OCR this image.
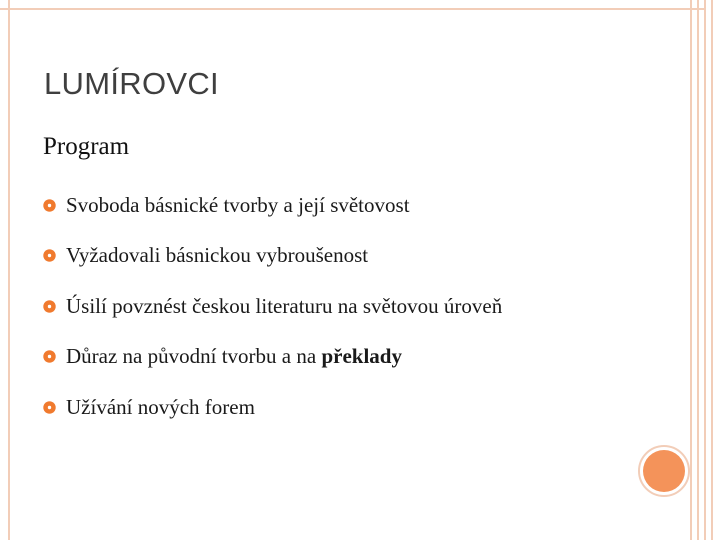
LUMÍROVCI
Program
Svoboda básnické tvorby a její světovost
Vyžadovali básnickou vybroušenost
Úsilí povznést českou literaturu na světovou úroveň
Důraz na původní tvorbu a na překlady
Užívání nových forem
